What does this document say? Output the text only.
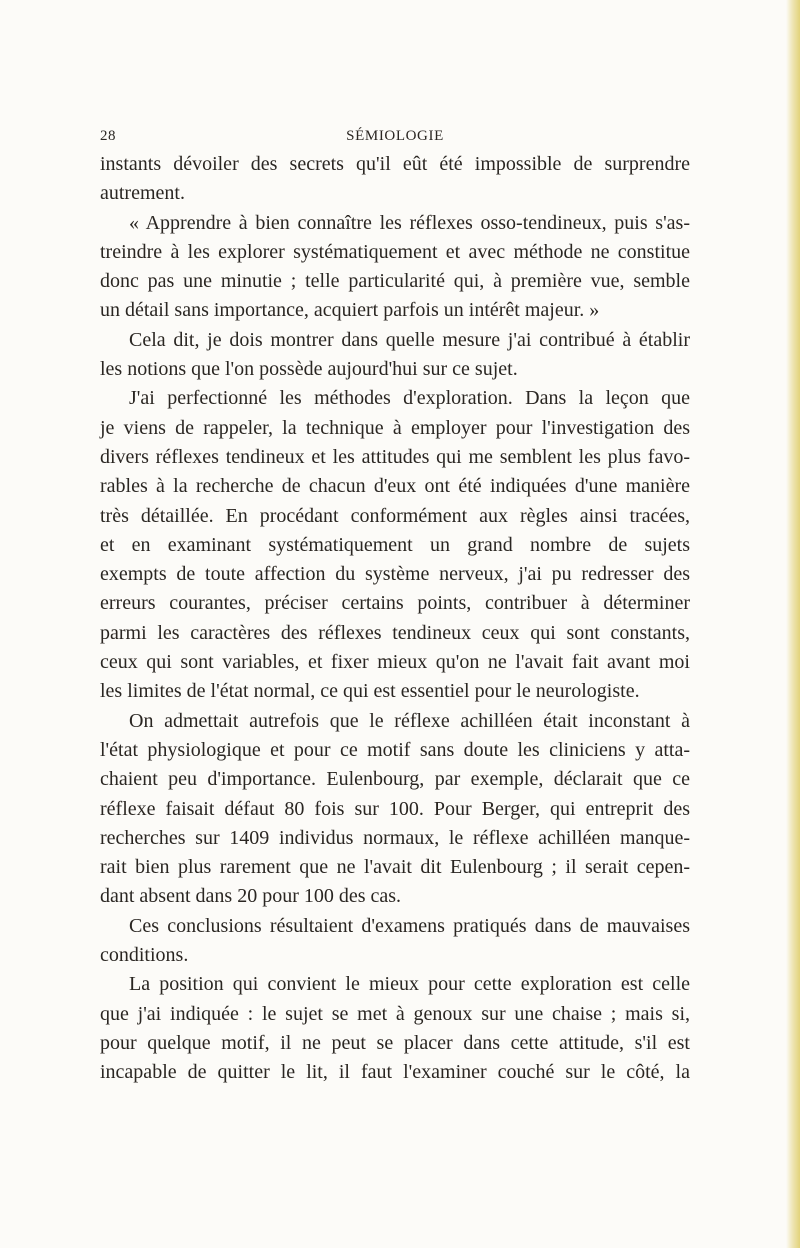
28	SÉMIOLOGIE
instants dévoiler des secrets qu'il eût été impossible de surprendre
autrement.
« Apprendre à bien connaître les réflexes osso-tendineux, puis s'as-
treindre à les explorer systématiquement et avec méthode ne constitue
donc pas une minutie ; telle particularité qui, à première vue, semble
un détail sans importance, acquiert parfois un intérêt majeur. »
Cela dit, je dois montrer dans quelle mesure j'ai contribué à établir
les notions que l'on possède aujourd'hui sur ce sujet.
J'ai perfectionné les méthodes d'exploration. Dans la leçon que
je viens de rappeler, la technique à employer pour l'investigation des
divers réflexes tendineux et les attitudes qui me semblent les plus favo-
rables à la recherche de chacun d'eux ont été indiquées d'une manière
très détaillée. En procédant conformément aux règles ainsi tracées,
et en examinant systématiquement un grand nombre de sujets
exempts de toute affection du système nerveux, j'ai pu redresser des
erreurs courantes, préciser certains points, contribuer à déterminer
parmi les caractères des réflexes tendineux ceux qui sont constants,
ceux qui sont variables, et fixer mieux qu'on ne l'avait fait avant moi
les limites de l'état normal, ce qui est essentiel pour le neurologiste.
On admettait autrefois que le réflexe achilléen était inconstant à
l'état physiologique et pour ce motif sans doute les cliniciens y atta-
chaient peu d'importance. Eulenbourg, par exemple, déclarait que ce
réflexe faisait défaut 80 fois sur 100. Pour Berger, qui entreprit des
recherches sur 1409 individus normaux, le réflexe achilléen manque-
rait bien plus rarement que ne l'avait dit Eulenbourg ; il serait cepen-
dant absent dans 20 pour 100 des cas.
Ces conclusions résultaient d'examens pratiqués dans de mauvaises
conditions.
La position qui convient le mieux pour cette exploration est celle
que j'ai indiquée : le sujet se met à genoux sur une chaise ; mais si,
pour quelque motif, il ne peut se placer dans cette attitude, s'il est
incapable de quitter le lit, il faut l'examiner couché sur le côté, la
